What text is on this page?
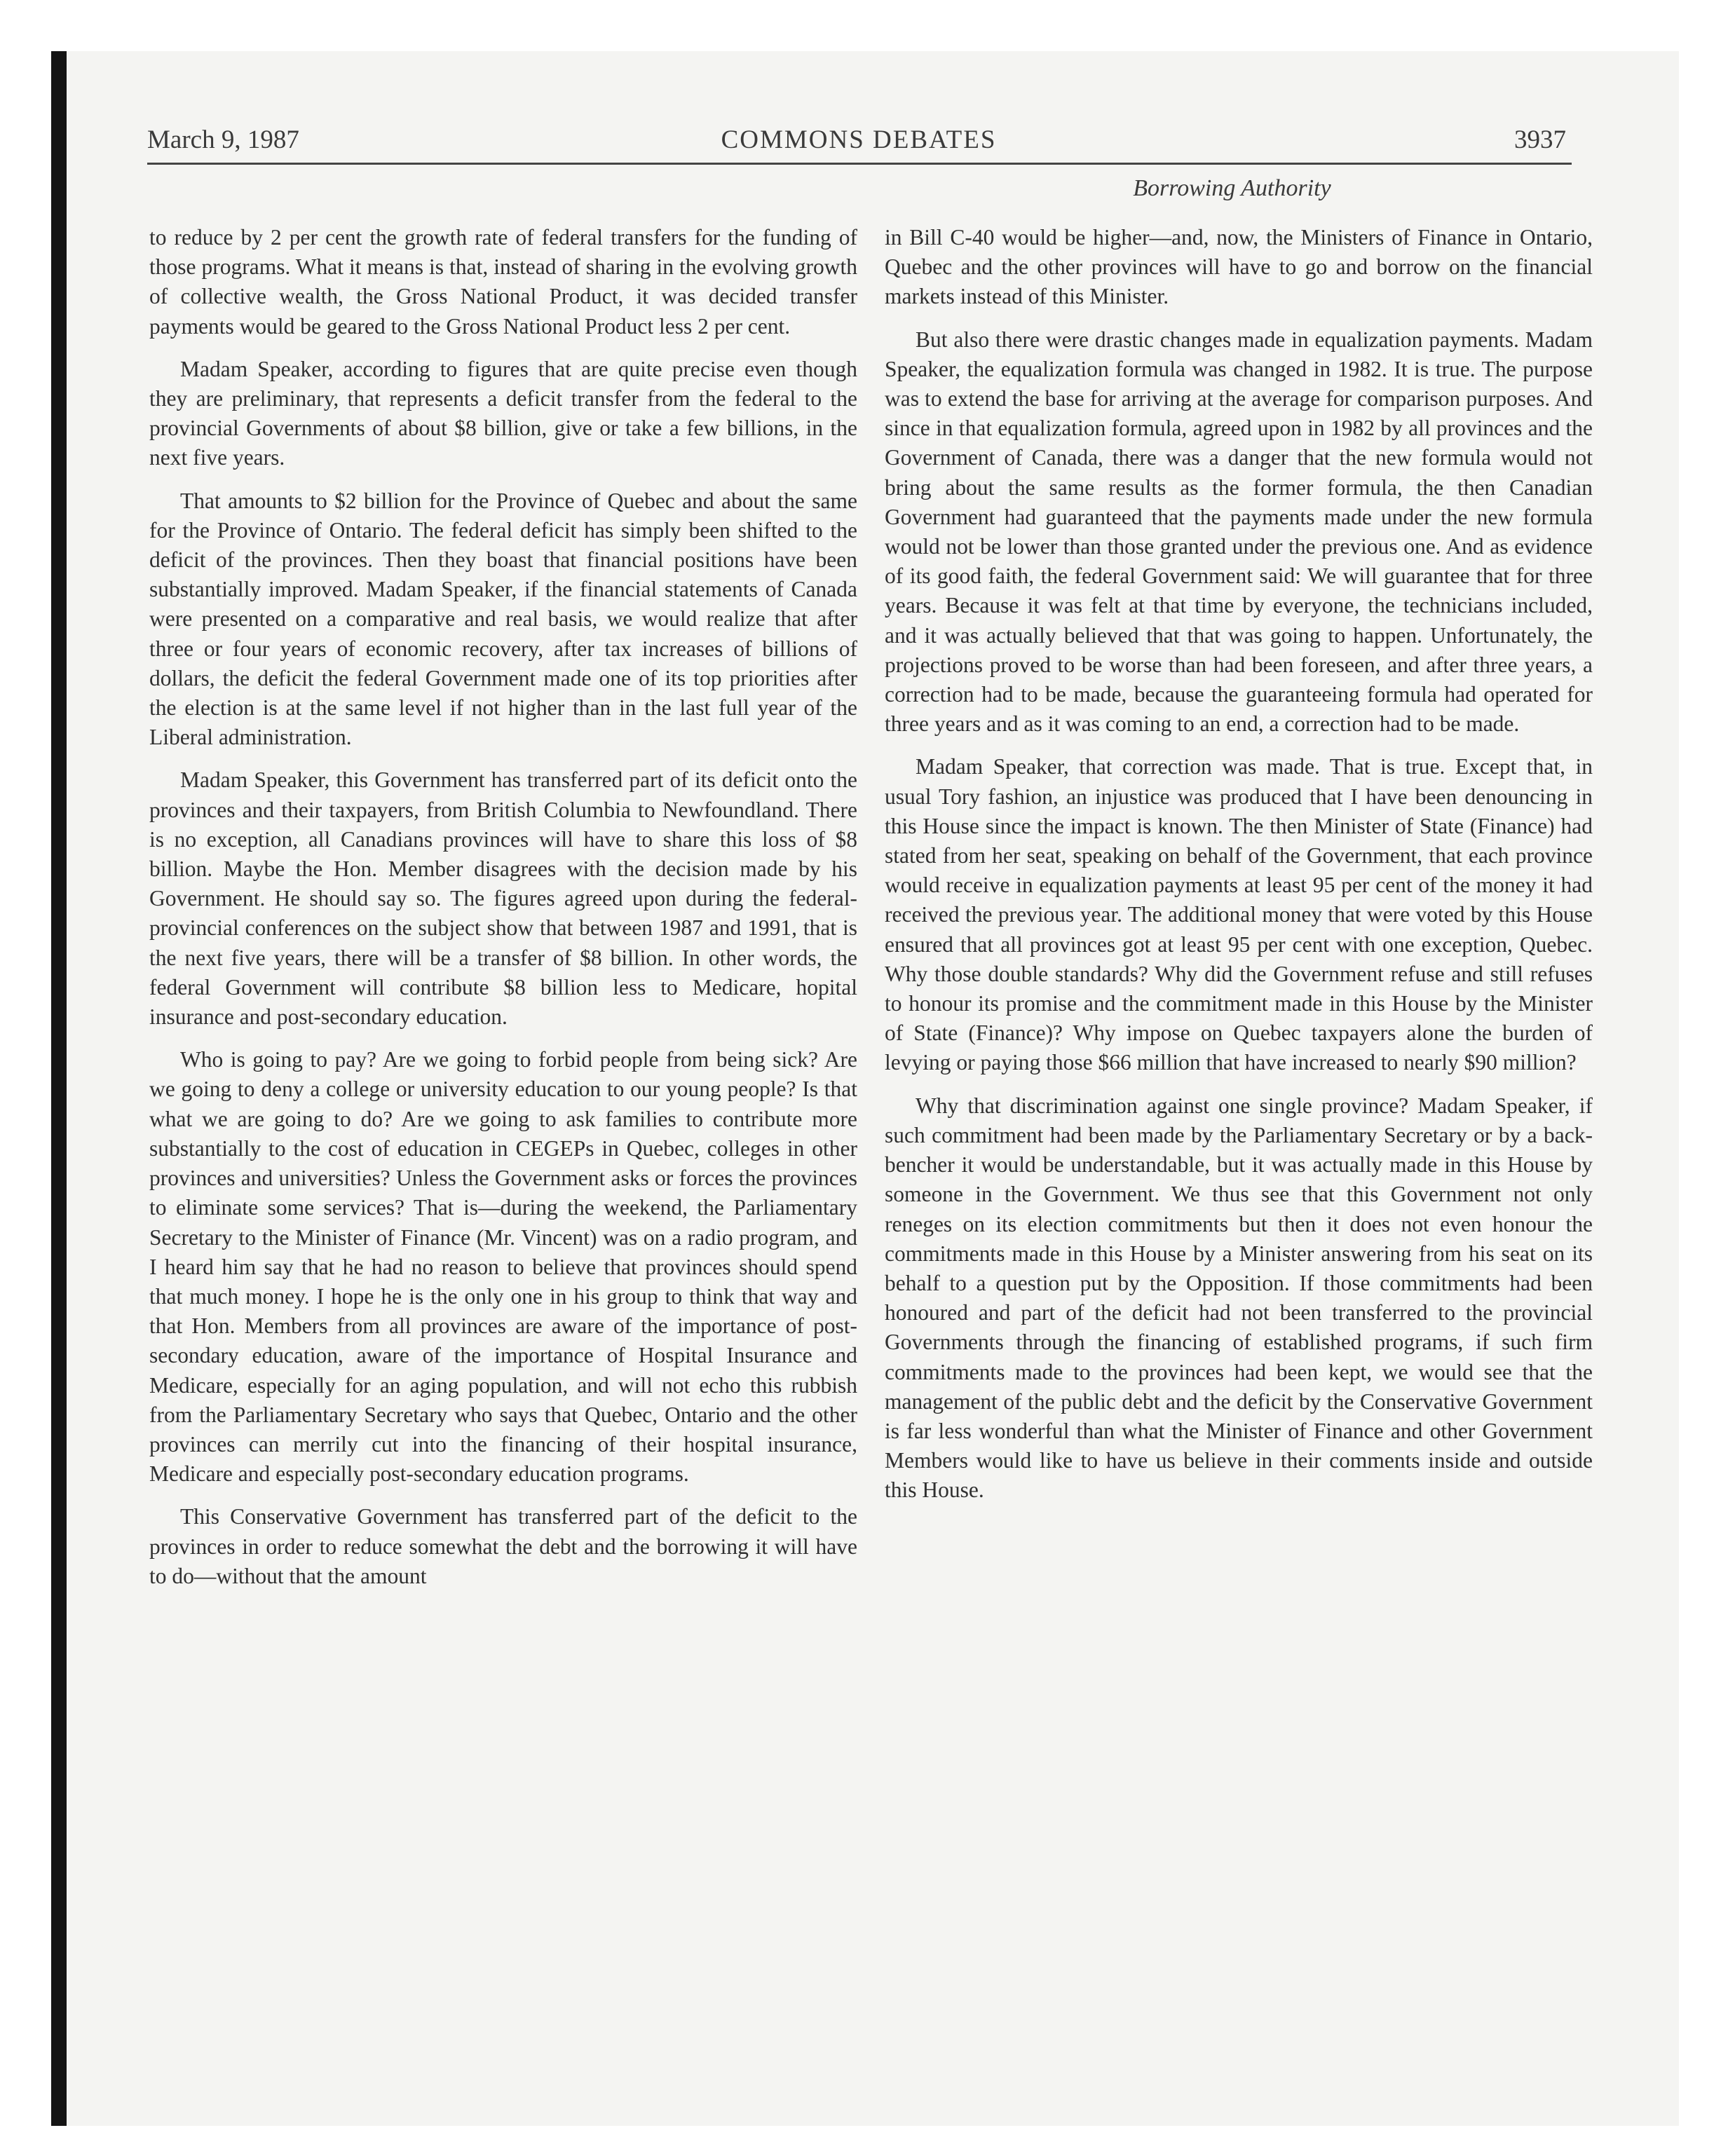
March 9, 1987	COMMONS DEBATES	3937
Borrowing Authority

to reduce by 2 per cent the growth rate of federal transfers for the funding of those programs. What it means is that, instead of sharing in the evolving growth of collective wealth, the Gross National Product, it was decided transfer payments would be geared to the Gross National Product less 2 per cent.

Madam Speaker, according to figures that are quite precise even though they are preliminary, that represents a deficit transfer from the federal to the provincial Governments of about $8 billion, give or take a few billions, in the next five years.

That amounts to $2 billion for the Province of Quebec and about the same for the Province of Ontario. The federal deficit has simply been shifted to the deficit of the provinces. Then they boast that financial positions have been substantially improved. Madam Speaker, if the financial statements of Canada were presented on a comparative and real basis, we would realize that after three or four years of economic recovery, after tax increases of billions of dollars, the deficit the federal Government made one of its top priorities after the election is at the same level if not higher than in the last full year of the Liberal administration.

Madam Speaker, this Government has transferred part of its deficit onto the provinces and their taxpayers, from British Columbia to Newfoundland. There is no exception, all Canadians provinces will have to share this loss of $8 billion. Maybe the Hon. Member disagrees with the decision made by his Government. He should say so. The figures agreed upon during the federal-provincial conferences on the subject show that between 1987 and 1991, that is the next five years, there will be a transfer of $8 billion. In other words, the federal Government will contribute $8 billion less to Medicare, hopital insurance and post-secondary education.

Who is going to pay? Are we going to forbid people from being sick? Are we going to deny a college or university education to our young people? Is that what we are going to do? Are we going to ask families to contribute more substantially to the cost of education in CEGEPs in Quebec, colleges in other provinces and universities? Unless the Government asks or forces the provinces to eliminate some services? That is—during the weekend, the Parliamentary Secretary to the Minister of Finance (Mr. Vincent) was on a radio program, and I heard him say that he had no reason to believe that provinces should spend that much money. I hope he is the only one in his group to think that way and that Hon. Members from all provinces are aware of the importance of post-secondary education, aware of the importance of Hospital Insurance and Medicare, especially for an aging population, and will not echo this rubbish from the Parliamentary Secretary who says that Quebec, Ontario and the other provinces can merrily cut into the financing of their hospital insurance, Medicare and especially post-secondary education programs.

This Conservative Government has transferred part of the deficit to the provinces in order to reduce somewhat the debt and the borrowing it will have to do—without that the amount

in Bill C-40 would be higher—and, now, the Ministers of Finance in Ontario, Quebec and the other provinces will have to go and borrow on the financial markets instead of this Minister.

But also there were drastic changes made in equalization payments. Madam Speaker, the equalization formula was changed in 1982. It is true. The purpose was to extend the base for arriving at the average for comparison purposes. And since in that equalization formula, agreed upon in 1982 by all provinces and the Government of Canada, there was a danger that the new formula would not bring about the same results as the former formula, the then Canadian Government had guaranteed that the payments made under the new formula would not be lower than those granted under the previous one. And as evidence of its good faith, the federal Government said: We will guarantee that for three years. Because it was felt at that time by everyone, the technicians included, and it was actually believed that that was going to happen. Unfortunately, the projections proved to be worse than had been foreseen, and after three years, a correction had to be made, because the guaranteeing formula had operated for three years and as it was coming to an end, a correction had to be made.

Madam Speaker, that correction was made. That is true. Except that, in usual Tory fashion, an injustice was produced that I have been denouncing in this House since the impact is known. The then Minister of State (Finance) had stated from her seat, speaking on behalf of the Government, that each province would receive in equalization payments at least 95 per cent of the money it had received the previous year. The additional money that were voted by this House ensured that all provinces got at least 95 per cent with one exception, Quebec. Why those double standards? Why did the Government refuse and still refuses to honour its promise and the commitment made in this House by the Minister of State (Finance)? Why impose on Quebec taxpayers alone the burden of levying or paying those $66 million that have increased to nearly $90 million?

Why that discrimination against one single province? Madam Speaker, if such commitment had been made by the Parliamentary Secretary or by a back-bencher it would be understandable, but it was actually made in this House by someone in the Government. We thus see that this Government not only reneges on its election commitments but then it does not even honour the commitments made in this House by a Minister answering from his seat on its behalf to a question put by the Opposition. If those commitments had been honoured and part of the deficit had not been transferred to the provincial Governments through the financing of established programs, if such firm commitments made to the provinces had been kept, we would see that the management of the public debt and the deficit by the Conservative Government is far less wonderful than what the Minister of Finance and other Government Members would like to have us believe in their comments inside and outside this House.
